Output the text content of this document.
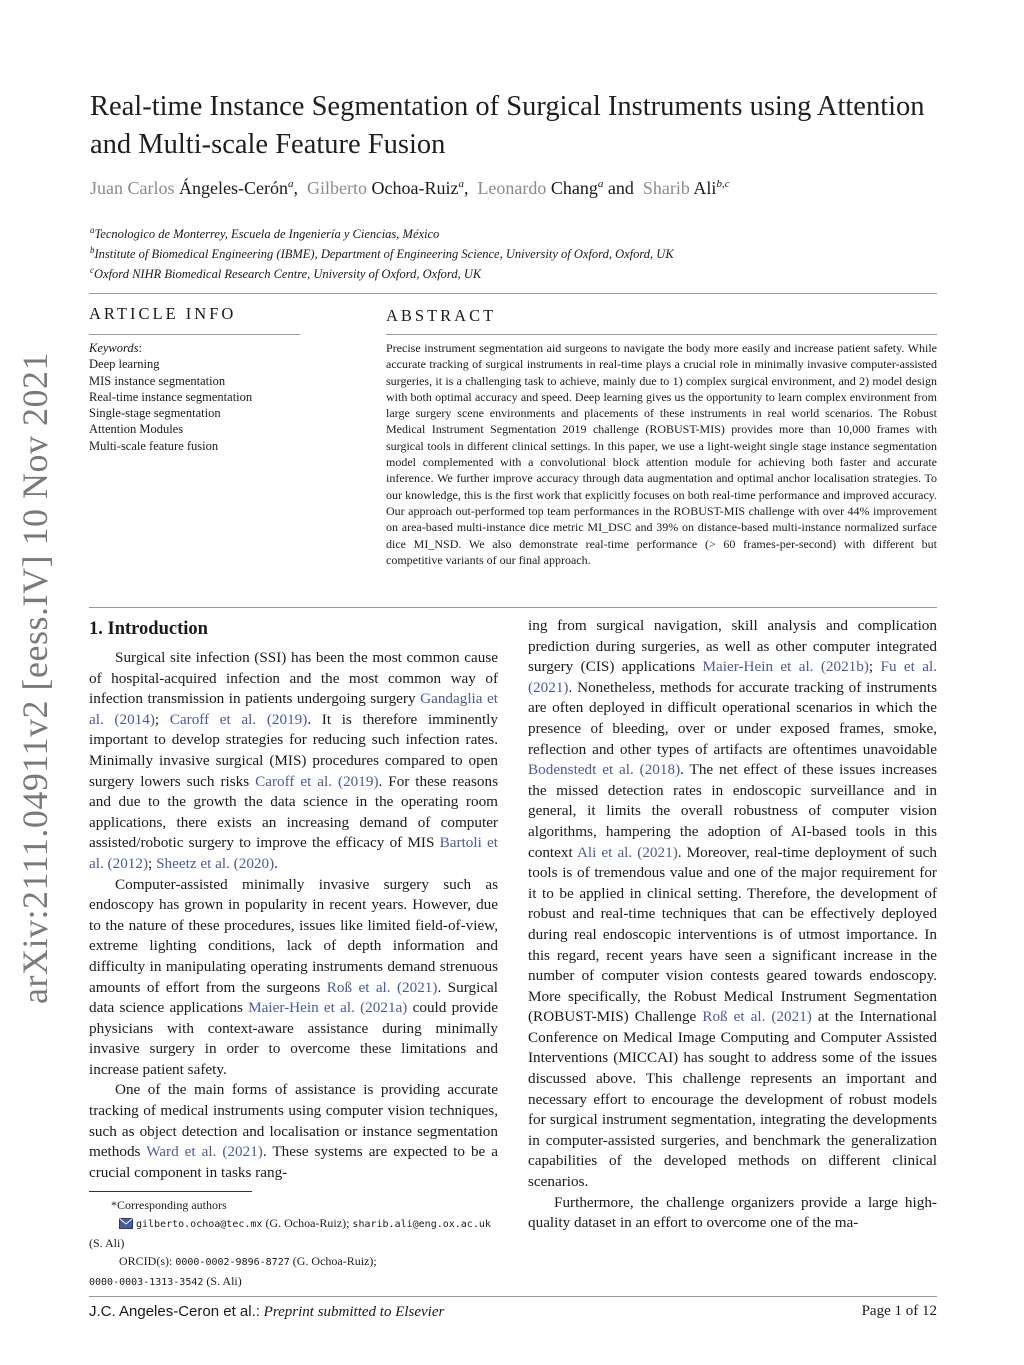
arXiv:2111.04911v2 [eess.IV] 10 Nov 2021
Real-time Instance Segmentation of Surgical Instruments using Attention and Multi-scale Feature Fusion
Juan Carlos Ángeles-Cerón$^a$, Gilberto Ochoa-Ruiz$^a$, Leonardo Chang$^a$ and Sharib Ali$^{b,c}$
$^a$Tecnologico de Monterrey, Escuela de Ingeniería y Ciencias, México
$^b$Institute of Biomedical Engineering (IBME), Department of Engineering Science, University of Oxford, Oxford, UK
$^c$Oxford NIHR Biomedical Research Centre, University of Oxford, Oxford, UK
ARTICLE INFO	ABSTRACT
Keywords:
Deep learning
MIS instance segmentation
Real-time instance segmentation
Single-stage segmentation
Attention Modules
Multi-scale feature fusion
Precise instrument segmentation aid surgeons to navigate the body more easily and increase patient safety. While accurate tracking of surgical instruments in real-time plays a crucial role in minimally invasive computer-assisted surgeries, it is a challenging task to achieve, mainly due to 1) complex surgical environment, and 2) model design with both optimal accuracy and speed. Deep learning gives us the opportunity to learn complex environment from large surgery scene environments and placements of these instruments in real world scenarios. The Robust Medical Instrument Segmentation 2019 challenge (ROBUST-MIS) provides more than 10,000 frames with surgical tools in different clinical settings. In this paper, we use a light-weight single stage instance segmentation model complemented with a convolutional block attention module for achieving both faster and accurate inference. We further improve accuracy through data augmentation and optimal anchor localisation strategies. To our knowledge, this is the first work that explicitly focuses on both real-time performance and improved accuracy. Our approach out-performed top team performances in the ROBUST-MIS challenge with over 44% improvement on area-based multi-instance dice metric MI_DSC and 39% on distance-based multi-instance normalized surface dice MI_NSD. We also demonstrate real-time performance (> 60 frames-per-second) with different but competitive variants of our final approach.
1. Introduction

Surgical site infection (SSI) has been the most common cause of hospital-acquired infection and the most common way of infection transmission in patients undergoing surgery Gandaglia et al. (2014); Caroff et al. (2019). It is therefore imminently important to develop strategies for reducing such infection rates. Minimally invasive surgical (MIS) procedures compared to open surgery lowers such risks Caroff et al. (2019). For these reasons and due to the growth the data science in the operating room applications, there exists an increasing demand of computer assisted/robotic surgery to improve the efficacy of MIS Bartoli et al. (2012); Sheetz et al. (2020).

Computer-assisted minimally invasive surgery such as endoscopy has grown in popularity in recent years. However, due to the nature of these procedures, issues like limited field-of-view, extreme lighting conditions, lack of depth information and difficulty in manipulating operating instruments demand strenuous amounts of effort from the surgeons Roß et al. (2021). Surgical data science applications Maier-Hein et al. (2021a) could provide physicians with context-aware assistance during minimally invasive surgery in order to overcome these limitations and increase patient safety.

One of the main forms of assistance is providing accurate tracking of medical instruments using computer vision techniques, such as object detection and localisation or instance segmentation methods Ward et al. (2021). These systems are expected to be a crucial component in tasks rang-

ing from surgical navigation, skill analysis and complication prediction during surgeries, as well as other computer integrated surgery (CIS) applications Maier-Hein et al. (2021b); Fu et al. (2021). Nonetheless, methods for accurate tracking of instruments are often deployed in difficult operational scenarios in which the presence of bleeding, over or under exposed frames, smoke, reflection and other types of artifacts are oftentimes unavoidable Bodenstedt et al. (2018). The net effect of these issues increases the missed detection rates in endoscopic surveillance and in general, it limits the overall robustness of computer vision algorithms, hampering the adoption of AI-based tools in this context Ali et al. (2021). Moreover, real-time deployment of such tools is of tremendous value and one of the major requirement for it to be applied in clinical setting. Therefore, the development of robust and real-time techniques that can be effectively deployed during real endoscopic interventions is of utmost importance. In this regard, recent years have seen a significant increase in the number of computer vision contests geared towards endoscopy. More specifically, the Robust Medical Instrument Segmentation (ROBUST-MIS) Challenge Roß et al. (2021) at the International Conference on Medical Image Computing and Computer Assisted Interventions (MICCAI) has sought to address some of the issues discussed above. This challenge represents an important and necessary effort to encourage the development of robust models for surgical instrument segmentation, integrating the developments in computer-assisted surgeries, and benchmark the generalization capabilities of the developed methods on different clinical scenarios.

Furthermore, the challenge organizers provide a large high-quality dataset in an effort to overcome one of the ma-

*Corresponding authors
gilberto.ochoa@tec.mx (G. Ochoa-Ruiz); sharib.ali@eng.ox.ac.uk
(S. Ali)
ORCID(s): 0000-0002-9896-8727 (G. Ochoa-Ruiz);
0000-0003-1313-3542 (S. Ali)
J.C. Angeles-Ceron et al.: Preprint submitted to Elsevier	Page 1 of 12
